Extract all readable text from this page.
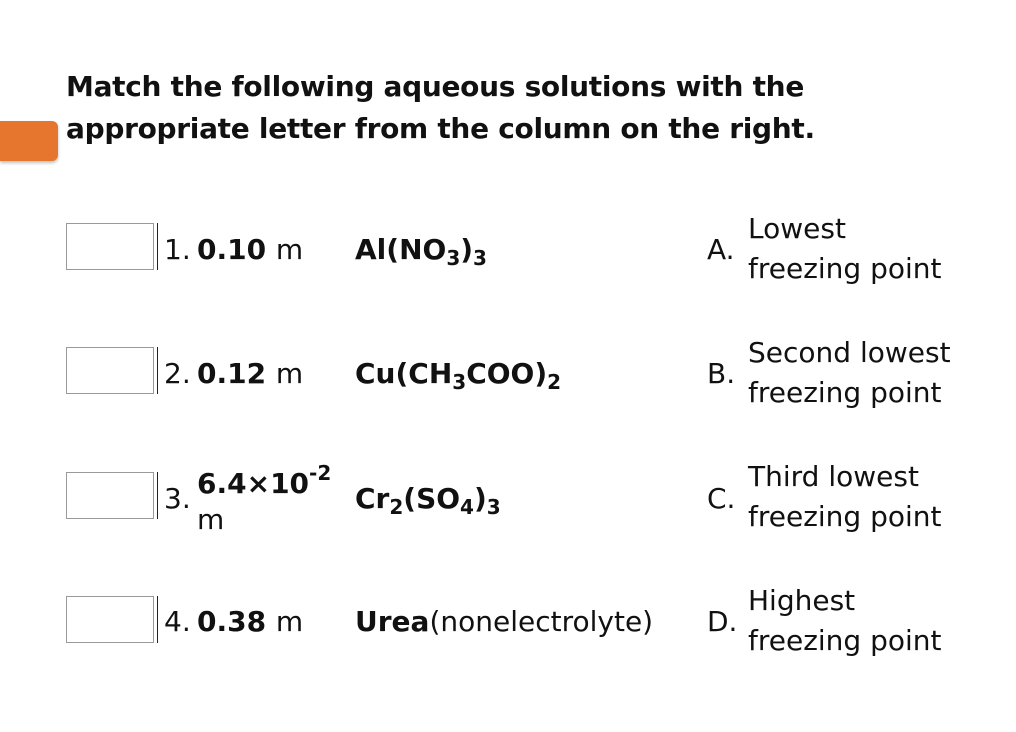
Match the following aqueous solutions with the appropriate letter from the column on the right.
1. 0.10 m $Al(NO_3)_3$
2. 0.12 m $Cu(CH_3COO)_2$
3. $6.4\times 10^{-2}$
m
$Cr_2(SO_4)_3$
4. 0.38 m Urea(nonelectrolyte)
A.
Lowest
freezing point
B.
Second lowest
freezing point
C.
Third lowest
freezing point
D.
Highest
freezing point
